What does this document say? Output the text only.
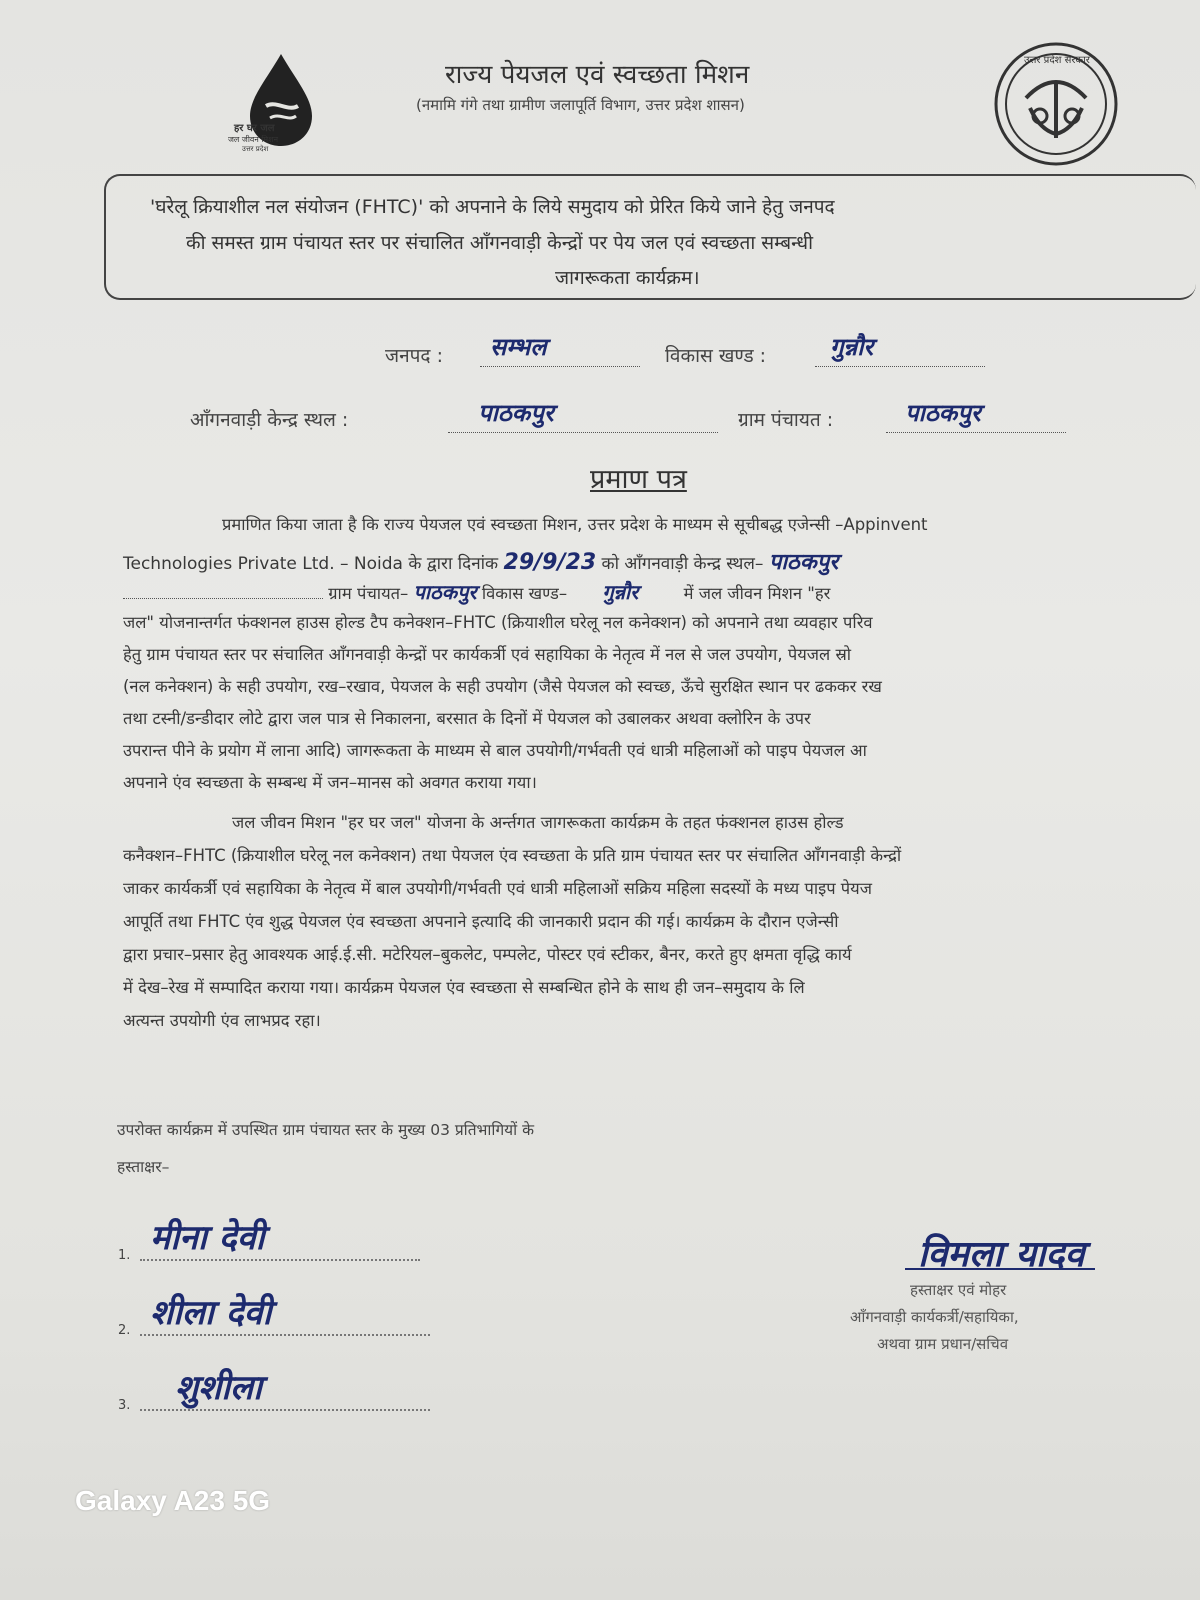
हर घर जल
जल जीवन मिशन
उत्तर प्रदेश
राज्य पेयजल एवं स्वच्छता मिशन
(नमामि गंगे तथा ग्रामीण जलापूर्ति विभाग, उत्तर प्रदेश शासन)
उत्तर प्रदेश सरकार
'घरेलू क्रियाशील नल संयोजन (FHTC)' को अपनाने के लिये समुदाय को प्रेरित किये जाने हेतु जनपद
की समस्त ग्राम पंचायत स्तर पर संचालित आँगनवाड़ी केन्द्रों पर पेय जल एवं स्वच्छता सम्बन्धी
जागरूकता कार्यक्रम।
जनपद : सम्भल	विकास खण्ड :	गुन्नौर
आँगनवाड़ी केन्द्र स्थल :	पाठकपुर	ग्राम पंचायत :	पाठकपुर
प्रमाण पत्र
प्रमाणित किया जाता है कि राज्य पेयजल एवं स्वच्छता मिशन, उत्तर प्रदेश के माध्यम से सूचीबद्ध एजेन्सी –Appinvent
Technologies Private Ltd. – Noida के द्वारा दिनांक 29/9/23 को आँगनवाड़ी केन्द्र स्थल– पाठकपुर
ग्राम पंचायत– पाठकपुर विकास खण्ड– गुन्नौर	में जल जीवन मिशन "हर
जल" योजनान्तर्गत फंक्शनल हाउस होल्ड टैप कनेक्शन–FHTC (क्रियाशील घरेलू नल कनेक्शन) को अपनाने तथा व्यवहार परिव
हेतु ग्राम पंचायत स्तर पर संचालित आँगनवाड़ी केन्द्रों पर कार्यकर्त्री एवं सहायिका के नेतृत्व में नल से जल उपयोग, पेयजल स्रो
(नल कनेक्शन) के सही उपयोग, रख–रखाव, पेयजल के सही उपयोग (जैसे पेयजल को स्वच्छ, ऊँचे सुरक्षित स्थान पर ढककर रख
तथा टस्नी/डन्डीदार लोटे द्वारा जल पात्र से निकालना, बरसात के दिनों में पेयजल को उबालकर अथवा क्लोरिन के उपर
उपरान्त पीने के प्रयोग में लाना आदि) जागरूकता के माध्यम से बाल उपयोगी/गर्भवती एवं धात्री महिलाओं को पाइप पेयजल आ
अपनाने एंव स्वच्छता के सम्बन्ध में जन–मानस को अवगत कराया गया।
जल जीवन मिशन "हर घर जल" योजना के अर्न्तगत जागरूकता कार्यक्रम के तहत फंक्शनल हाउस होल्ड
कनैक्शन–FHTC (क्रियाशील घरेलू नल कनेक्शन) तथा पेयजल एंव स्वच्छता के प्रति ग्राम पंचायत स्तर पर संचालित आँगनवाड़ी केन्द्रों
जाकर कार्यकर्त्री एवं सहायिका के नेतृत्व में बाल उपयोगी/गर्भवती एवं धात्री महिलाओं सक्रिय महिला सदस्यों के मध्य पाइप पेयज
आपूर्ति तथा FHTC एंव शुद्ध पेयजल एंव स्वच्छता अपनाने इत्यादि की जानकारी प्रदान की गई। कार्यक्रम के दौरान एजेन्सी
द्वारा प्रचार–प्रसार हेतु आवश्यक आई.ई.सी. मटेरियल–बुकलेट, पम्पलेट, पोस्टर एवं स्टीकर, बैनर, करते हुए क्षमता वृद्धि कार्य
में देख–रेख में सम्पादित कराया गया। कार्यक्रम पेयजल एंव स्वच्छता से सम्बन्धित होने के साथ ही जन–समुदाय के लि
अत्यन्त उपयोगी एंव लाभप्रद रहा।
उपरोक्त कार्यक्रम में उपस्थित ग्राम पंचायत स्तर के मुख्य 03 प्रतिभागियों के
हस्ताक्षर–
1. मीना देवी
2. शीला देवी
3. शुशीला
विमला यादव
हस्ताक्षर एवं मोहर
आँगनवाड़ी कार्यकर्त्री/सहायिका,
अथवा ग्राम प्रधान/सचिव
Galaxy A23 5G
